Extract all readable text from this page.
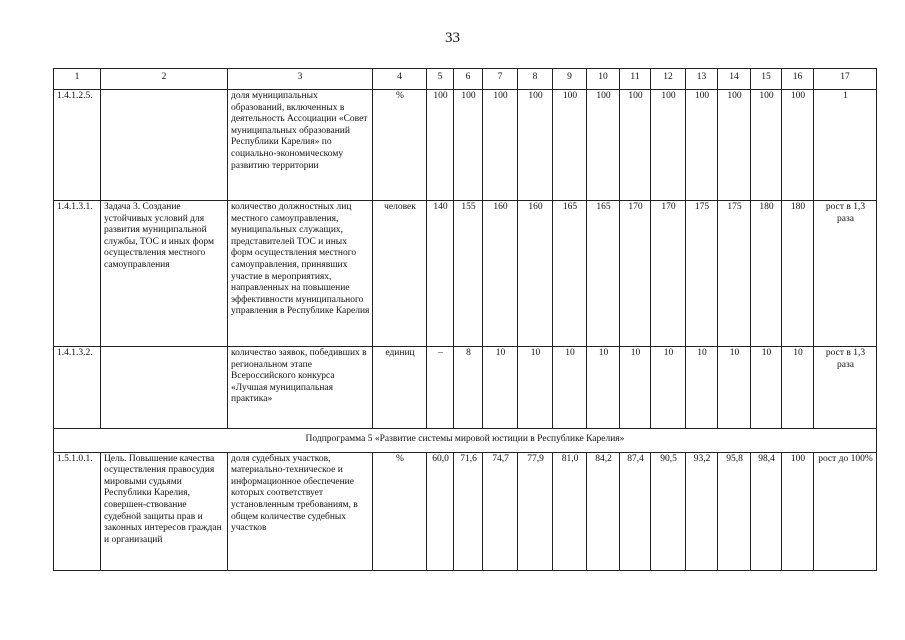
33
1	2	3	4	5	6	7	8	9	10	11	12	13	14	15	16	17
1.4.1.2.5.		доля муниципальных образований, включенных в деятельность Ассоциации «Совет муниципальных образований Республики Карелия» по социально-экономическому развитию территории	%	100	100	100	100	100	100	100	100	100	100	100	100	1
1.4.1.3.1.	Задача 3. Создание устойчивых условий для развития муниципальной службы, ТОС и иных форм осуществления местного самоуправления	количество должностных лиц местного самоуправления, муниципальных служащих, представителей ТОС и иных форм осуществления местного самоуправления, принявших участие в мероприятиях, направленных на повышение эффективности муниципального управления в Республике Карелия	человек	140	155	160	160	165	165	170	170	175	175	180	180	рост в 1,3 раза
1.4.1.3.2.		количество заявок, победивших в региональном этапе Всероссийского конкурса «Лучшая муниципальная практика»	единиц	–	8	10	10	10	10	10	10	10	10	10	10	рост в 1,3 раза
Подпрограмма 5 «Развитие системы мировой юстиции в Республике Карелия»																
1.5.1.0.1.	Цель. Повышение качества осуществления правосудия мировыми судьями Республики Карелия, совершен-ствование судебной защиты прав и законных интересов граждан и организаций	доля судебных участков, материально-техническое и информационное обеспечение которых соответствует установленным требованиям, в общем количестве судебных участков	%	60,0	71,6	74,7	77,9	81,0	84,2	87,4	90,5	93,2	95,8	98,4	100	рост до 100%
